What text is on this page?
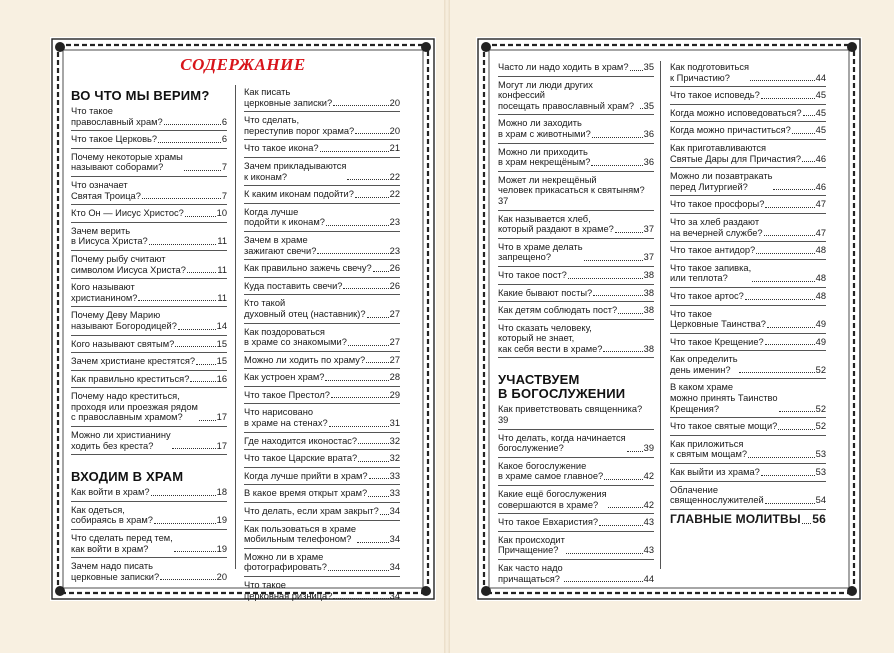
СОДЕРЖАНИЕ
ВО ЧТО МЫ ВЕРИМ?
Что такое
православный храм?	6
Что такое Церковь?	6
Почему некоторые храмы
называют соборами?	7
Что означает
Святая Троица?	7
Кто Он — Иисус Христос?	10
Зачем верить
в Иисуса Христа?	11
Почему рыбу считают
символом Иисуса Христа?	11
Кого называют
христианином?	11
Почему Деву Марию
называют Богородицей?	14
Кого называют святым?	15
Зачем христиане крестятся? 15
Как правильно креститься?	16
Почему надо креститься,
проходя или проезжая рядом
с православным храмом?	17
Можно ли христианину
ходить без креста?	17
ВХОДИМ В ХРАМ
Как войти в храм?	18
Как одеться,
собираясь в храм?	19
Что сделать перед тем,
как войти в храм?	19
Зачем надо писать
церковные записки?	20
Как писать
церковные записки?	20
Что сделать,
переступив порог храма?	20
Что такое икона?	21
Зачем прикладываются
к иконам?	22
К каким иконам подойти?	22
Когда лучше
подойти к иконам?	23
Зачем в храме
зажигают свечи?	23
Как правильно зажечь свечу? 26
Куда поставить свечи?	26
Кто такой
духовный отец (наставник)?	27
Как поздороваться
в храме со знакомыми?	27
Можно ли ходить по храму?	27
Как устроен храм?	28
Что такое Престол?	29
Что нарисовано
в храме на стенах?	31
Где находится иконостас?	32
Что такое Царские врата?	32
Когда лучше прийти в храм? 33
В какое время открыт храм? 33
Что делать, если храм закрыт? 34
Как пользоваться в храме
мобильным телефоном?	34
Можно ли в храме
фотографировать?	34
Что такое
церковная ризница?	34
Часто ли надо ходить в храм? 35
Могут ли люди других конфессий
посещать православный храм?	35
Можно ли заходить
в храм с животными?	36
Можно ли приходить
в храм некрещёным?	36
Может ли некрещёный
человек прикасаться к святыням?
37
Как называется хлеб,
который раздают в храме?	37
Что в храме делать
запрещено?	37
Что такое пост?	38
Какие бывают посты?	38
Как детям соблюдать пост?	38
Что сказать человеку,
который не знает,
как себя вести в храме?	38
УЧАСТВУЕМ
В БОГОСЛУЖЕНИИ
Как приветствовать священника?
39
Что делать, когда начинается
богослужение?	39
Какое богослужение
в храме самое главное?	42
Какие ещё богослужения
совершаются в храме?	42
Что такое Евхаристия?	43
Как происходит
Причащение?	43
Как часто надо
причащаться?	44
Как подготовиться
к Причастию?	44
Что такое исповедь?	45
Когда можно исповедоваться? 45
Когда можно причаститься?	45
Как приготавливаются
Святые Дары для Причастия? 46
Можно ли позавтракать
перед Литургией?	46
Что такое просфоры?	47
Что за хлеб раздают
на вечерней службе?	47
Что такое антидор?	48
Что такое запивка,
или теплота?	48
Что такое артос?	48
Что такое
Церковные Таинства?	49
Что такое Крещение?	49
Как определить
день именин?	52
В каком храме
можно принять Таинство
Крещения?	52
Что такое святые мощи?	52
Как приложиться
к святым мощам?	53
Как выйти из храма?	53
Облачение
священнослужителей	54
ГЛАВНЫЕ МОЛИТВЫ 56
